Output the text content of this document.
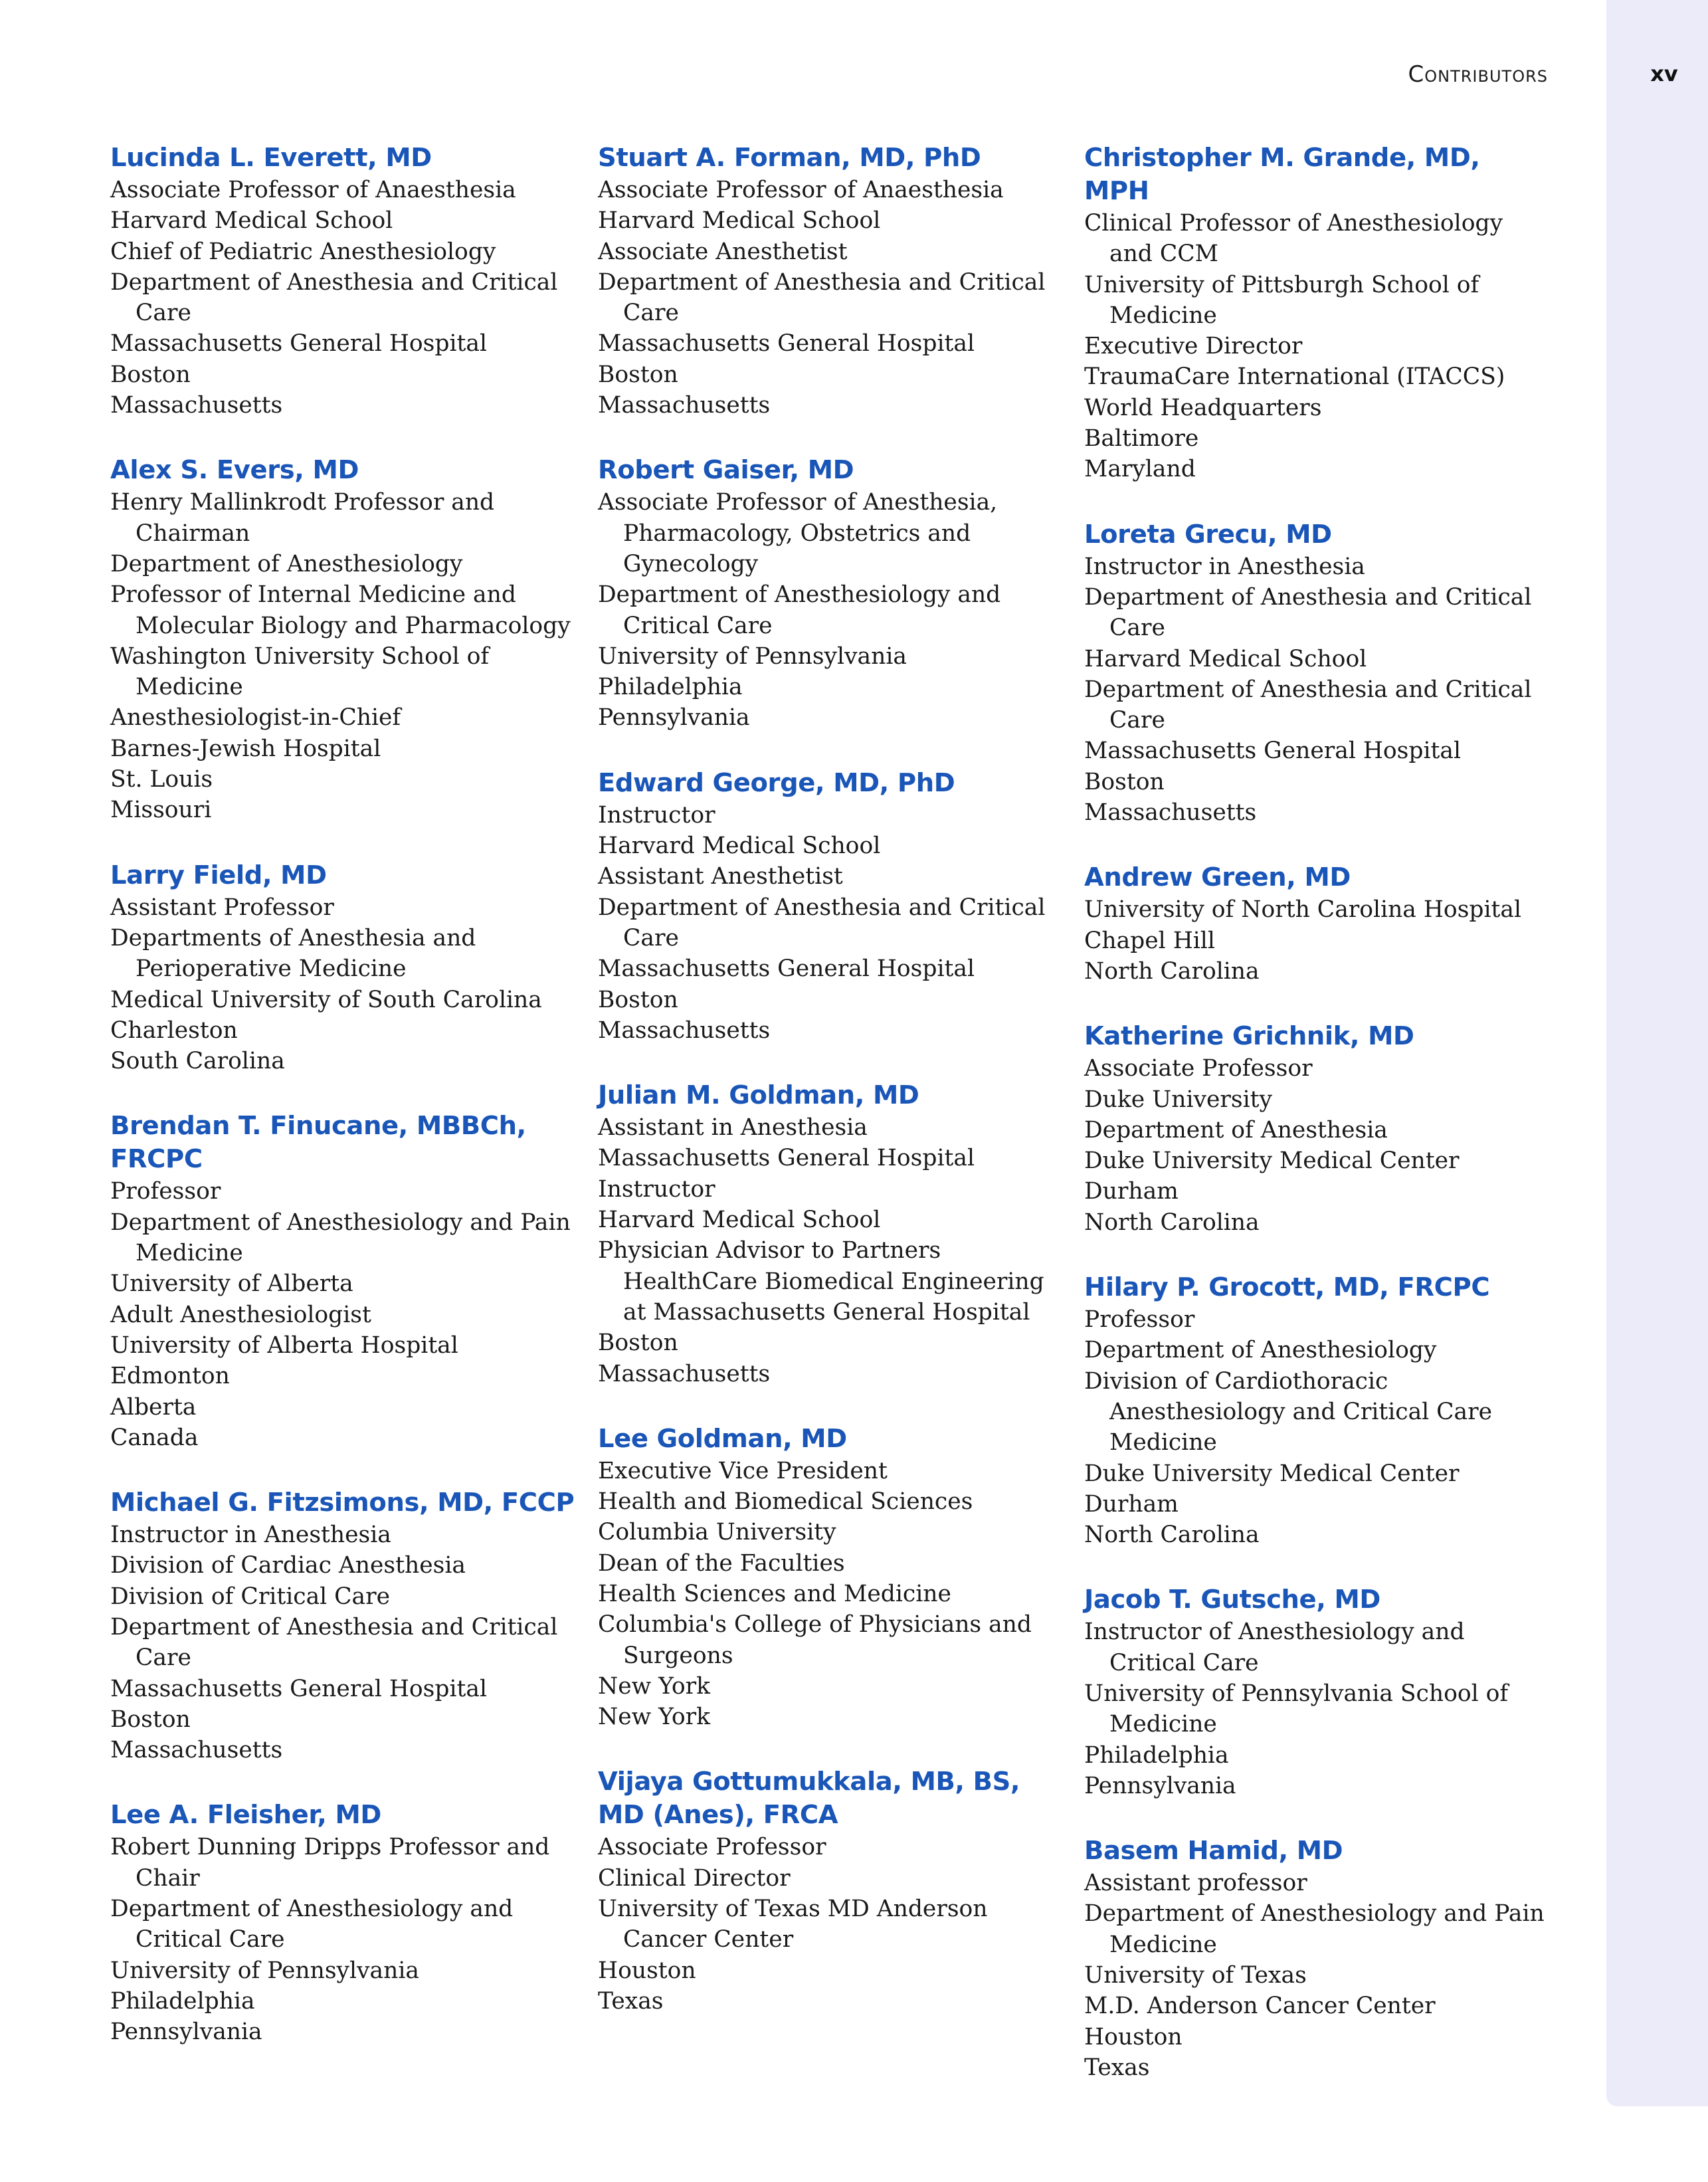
Contributors	xv
Lucinda L. Everett, MD
Associate Professor of Anaesthesia
Harvard Medical School
Chief of Pediatric Anesthesiology
Department of Anesthesia and Critical Care
Massachusetts General Hospital
Boston
Massachusetts
Alex S. Evers, MD
Henry Mallinkrodt Professor and Chairman
Department of Anesthesiology
Professor of Internal Medicine and Molecular Biology and Pharmacology
Washington University School of Medicine
Anesthesiologist-in-Chief
Barnes-Jewish Hospital
St. Louis
Missouri
Larry Field, MD
Assistant Professor
Departments of Anesthesia and Perioperative Medicine
Medical University of South Carolina
Charleston
South Carolina
Brendan T. Finucane, MBBCh, FRCPC
Professor
Department of Anesthesiology and Pain Medicine
University of Alberta
Adult Anesthesiologist
University of Alberta Hospital
Edmonton
Alberta
Canada
Michael G. Fitzsimons, MD, FCCP
Instructor in Anesthesia
Division of Cardiac Anesthesia
Division of Critical Care
Department of Anesthesia and Critical Care
Massachusetts General Hospital
Boston
Massachusetts
Lee A. Fleisher, MD
Robert Dunning Dripps Professor and Chair
Department of Anesthesiology and Critical Care
University of Pennsylvania
Philadelphia
Pennsylvania
Stuart A. Forman, MD, PhD
Associate Professor of Anaesthesia
Harvard Medical School
Associate Anesthetist
Department of Anesthesia and Critical Care
Massachusetts General Hospital
Boston
Massachusetts
Robert Gaiser, MD
Associate Professor of Anesthesia, Pharmacology, Obstetrics and Gynecology
Department of Anesthesiology and Critical Care
University of Pennsylvania
Philadelphia
Pennsylvania
Edward George, MD, PhD
Instructor
Harvard Medical School
Assistant Anesthetist
Department of Anesthesia and Critical Care
Massachusetts General Hospital
Boston
Massachusetts
Julian M. Goldman, MD
Assistant in Anesthesia
Massachusetts General Hospital
Instructor
Harvard Medical School
Physician Advisor to Partners HealthCare Biomedical Engineering at Massachusetts General Hospital
Boston
Massachusetts
Lee Goldman, MD
Executive Vice President
Health and Biomedical Sciences
Columbia University
Dean of the Faculties
Health Sciences and Medicine
Columbia's College of Physicians and Surgeons
New York
New York
Vijaya Gottumukkala, MB, BS, MD (Anes), FRCA
Associate Professor
Clinical Director
University of Texas MD Anderson Cancer Center
Houston
Texas
Christopher M. Grande, MD, MPH
Clinical Professor of Anesthesiology and CCM
University of Pittsburgh School of Medicine
Executive Director
TraumaCare International (ITACCS)
World Headquarters
Baltimore
Maryland
Loreta Grecu, MD
Instructor in Anesthesia
Department of Anesthesia and Critical Care
Harvard Medical School
Department of Anesthesia and Critical Care
Massachusetts General Hospital
Boston
Massachusetts
Andrew Green, MD
University of North Carolina Hospital
Chapel Hill
North Carolina
Katherine Grichnik, MD
Associate Professor
Duke University
Department of Anesthesia
Duke University Medical Center
Durham
North Carolina
Hilary P. Grocott, MD, FRCPC
Professor
Department of Anesthesiology
Division of Cardiothoracic Anesthesiology and Critical Care Medicine
Duke University Medical Center
Durham
North Carolina
Jacob T. Gutsche, MD
Instructor of Anesthesiology and Critical Care
University of Pennsylvania School of Medicine
Philadelphia
Pennsylvania
Basem Hamid, MD
Assistant professor
Department of Anesthesiology and Pain Medicine
University of Texas
M.D. Anderson Cancer Center
Houston
Texas
